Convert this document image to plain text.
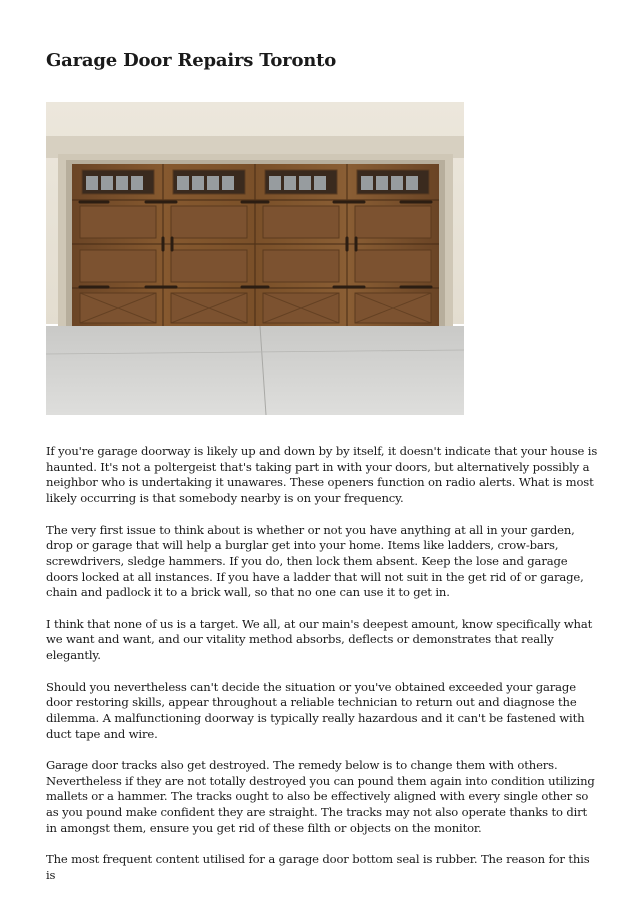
Garage Door Repairs Toronto

If you're garage doorway is likely up and down by by itself, it doesn't indicate that your house is haunted. It's not a poltergeist that's taking part in with your doors, but alternatively possibly a neighbor who is undertaking it unawares. These openers function on radio alerts. What is most likely occurring is that somebody nearby is on your frequency.

The very first issue to think about is whether or not you have anything at all in your garden, drop or garage that will help a burglar get into your home. Items like ladders, crow-bars, screwdrivers, sledge hammers. If you do, then lock them absent. Keep the lose and garage doors locked at all instances. If you have a ladder that will not suit in the get rid of or garage, chain and padlock it to a brick wall, so that no one can use it to get in.

I think that none of us is a target. We all, at our main's deepest amount, know specifically what we want and want, and our vitality method absorbs, deflects or demonstrates that really elegantly.

Should you nevertheless can't decide the situation or you've obtained exceeded your garage door restoring skills, appear throughout a reliable technician to return out and diagnose the dilemma. A malfunctioning doorway is typically really hazardous and it can't be fastened with duct tape and wire.

Garage door tracks also get destroyed. The remedy below is to change them with others. Nevertheless if they are not totally destroyed you can pound them again into condition utilizing mallets or a hammer. The tracks ought to also be effectively aligned with every single other so as you pound make confident they are straight. The tracks may not also operate thanks to dirt in amongst them, ensure you get rid of these filth or objects on the monitor.

The most frequent content utilised for a garage door bottom seal is rubber. The reason for this is
